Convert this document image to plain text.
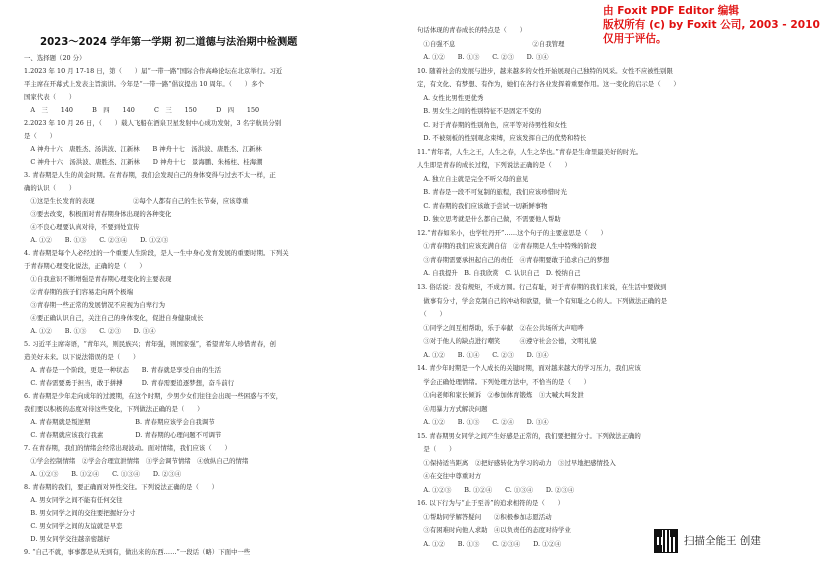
2023～2024 学年第一学期 初二道德与法治期中检测题
一、选择题（20 分）
1.2023 年 10 月 17-18 日，第（　　）届“一带一路”国际合作高峰论坛在北京举行。习近
平主席在开幕式上发表主旨演讲。今年是“一带一路”倡议提出 10 周年。（　　）多个
国家代表（　　）
　A　三　　140　　　B　四　　140　　　C　三　　150　　　D　四　　150
2.2023 年 10 月 26 日，（　　）载人飞船在酒泉卫星发射中心成功发射，3 名宇航员分别
是（　　）
　A 神舟十六　唐胜杰、汤洪波、江新林　　B 神舟十七　汤洪波、唐胜杰、江新林
　C 神舟十六　汤洪波、唐胜杰、江新林　　D 神舟十七　景海鹏、朱杨柱、桂海潮
3. 青春期是人生的黄金时期。在青春期，我们会发现自己的身体变得与过去不太一样，正
确的认识（　　）
　①这是生长发育的表现　　　　　　②每个人都有自己的生长节奏，应该尊重
　③要去改变，积极面对青春期身体出现的各种变化
　④不良心理要认真对待，不要到处宣传
　A. ①②　　B. ①③　　C. ②③④　　D. ①②③
4. 青春期是每个人必经过的一个重要人生阶段，是人一生中身心发育发展的重要时期。下列关
于青春期心理变化说法，正确的是（　　）
　①自我意识不断增强是青春期心理变化的主要表现
　②青春期的孩子们容易走向两个极端
　③青春期一些正常的发展情况不应视为自卑行为
　④要正确认识自己，关注自己的身体变化，促进自身健康成长
　A. ①②　　B. ①③　　C. ②③　　D. ③④
5. 习近平主席寄语，“青年兴，则民族兴；青年强，则国家强”，希望青年人珍惜青春，创
造美好未来。以下说法错误的是（　　）
　A. 青春是一个阶段，更是一种状态　　B. 青春就是享受自由的生活
　C. 青春需要勇于担当，敢于拼搏　　　D. 青春需要追逐梦想，奋斗前行
6. 青春期是少年走向成年的过渡期，在这个时期，少男少女们往往会出现一些困惑与不安，
我们要以积极的态度对待这些变化，下列做法正确的是（　　）
　A. 青春期就是叛逆期　　　　　　　B. 青春期应该学会自我调节
　C. 青春期就应该我行我素　　　　　D. 青春期的心理问题不可调节
7. 在青春期，我们的情绪会经常出现波动。面对情绪，我们应该（　　）
　①学会控制情绪　②学会合理宣泄情绪　③学会调节情绪　④放纵自己的情绪
　A. ①②③　　B. ①②④　　C. ①③④　　D. ②③④
8. 青春期的我们，要正确面对异性交往。下列说法正确的是（　　）
　A. 男女同学之间不能有任何交往
　B. 男女同学之间的交往要把握好分寸
　C. 男女同学之间的友谊就是早恋
　D. 男女同学交往越亲密越好
9. “自己不就，事事都是从无到有，做出来的东西……”一段话（略）下面中一些
句话体现的青春成长的特点是（　　）
　①自强不息　　　　　　　　　　　　②自我管理
　A. ①②　　B. ①③　　C. ②③　　D. ③④
10. 随着社会的发展与进步，越来越多的女性开始展现自己独特的风采。女性不应被性别限
定，有文化、有梦想、有作为，她们在各行各业发挥着重要作用。这一变化的启示是（　　）
　A. 女性比男性更优秀
　B. 男女生之间的性别特征不是固定不变的
　C. 对于青春期的性别角色，应平等对待男性和女性
　D. 不被刻板的性别观念束缚，应该发挥自己的优势和特长
11.“青年者，人生之王，人生之春，人生之华也。”青春是生命里最美好的时光。
人生即是青春的成长过程，下列说法正确的是（　　）
　A. 独立自主就是完全不听父母的意见
　B. 青春是一段不可复制的旅程，我们应该珍惜时光
　C. 青春期的我们应该敢于尝试一切新鲜事物
　D. 独立思考就是什么都自己做，不需要他人帮助
12.“青春如米小，也学牡丹开”……这个句子的主要意思是（　　）
　①青春期的我们应该充满自信　②青春期是人生中特殊的阶段
　③青春期需要承担起自己的责任　④青春期要敢于追求自己的梦想
　A. 自我提升　B. 自我欣赏　C. 认识自己　D. 悦纳自己
13. 俗话说：没有规矩，不成方圆。行己有耻，对于青春期的我们来说，在生活中要做到
　做事有分寸，学会克制自己的冲动和欲望，做一个有知耻之心的人。下列做法正确的是
　（　　）
　①同学之间互相帮助，乐于奉献　②在公共场所大声喧哗
　③对于他人的缺点进行嘲笑　　　④遵守社会公德，文明礼貌
　A. ①②　　B. ①④　　C. ②③　　D. ③④
14. 青少年时期是一个人成长的关键时期，面对越来越大的学习压力，我们应该
　学会正确处理情绪。下列处理方法中，不恰当的是（　　）
　①向老师和家长倾诉　②参加体育锻炼　③大喊大叫发泄
　④用暴力方式解决问题
　A. ①②　　B. ①③　　C. ②④　　D. ③④
15. 青春期男女同学之间产生好感是正常的，我们要把握分寸。下列做法正确的
　是（　　）
　①保持适当距离　②把好感转化为学习的动力　③过早地把感情投入
　④在交往中尊重对方
　A. ①②③　　B. ①②④　　C. ①③④　　D. ②③④
16. 以下行为与“止于至善”的追求相符的是（　　）
　①帮助同学解答疑问　　②积极参加志愿活动
　③有困难时向他人求助　④以负责任的态度对待学业
　A. ①②　　B. ①③　　C. ②③④　　D. ①②④
由 Foxit PDF Editor 编辑
版权所有 (c) by Foxit 公司, 2003 - 2010
仅用于评估。
扫描全能王 创建
